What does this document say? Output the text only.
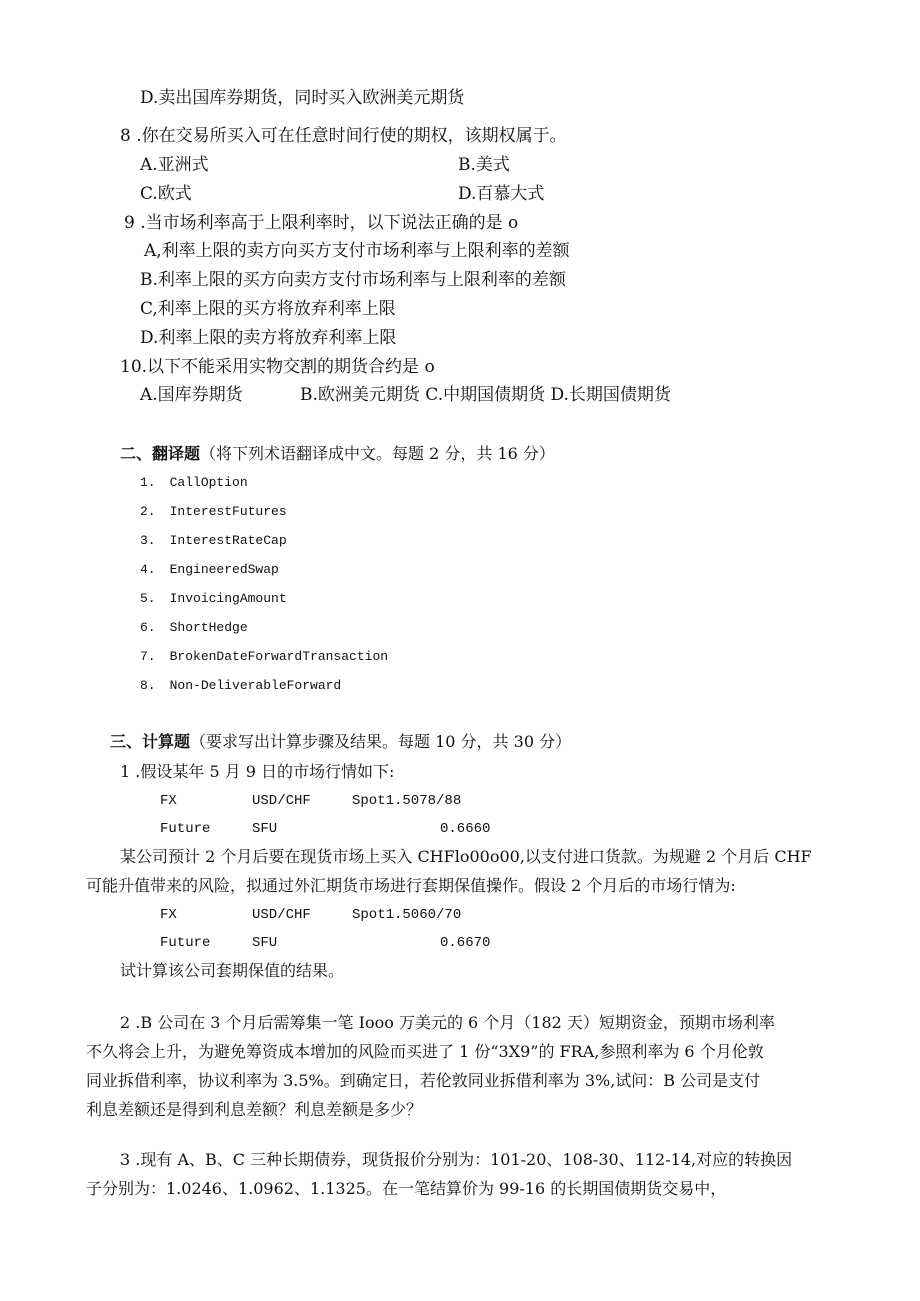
D.卖出国库券期货，同时买入欧洲美元期货
8 .你在交易所买入可在任意时间行使的期权，该期权属于。
A.亚洲式	B.美式
C.欧式	D.百慕大式
9 .当市场利率高于上限利率时，以下说法正确的是 o
A,利率上限的卖方向买方支付市场利率与上限利率的差额
B.利率上限的买方向卖方支付市场利率与上限利率的差额
C,利率上限的买方将放弃利率上限
D.利率上限的卖方将放弃利率上限
10.以下不能采用实物交割的期货合约是 o
A.国库券期货	B.欧洲美元期货 C.中期国债期货 D.长期国债期货
二、翻译题（将下列术语翻译成中文。每题 2 分，共 16 分）
1. CallOption
2. InterestFutures
3. InterestRateCap
4. EngineeredSwap
5. InvoicingAmount
6. ShortHedge
7. BrokenDateForwardTransaction
8. Non-DeliverableForward
三、计算题（要求写出计算步骤及结果。每题 10 分，共 30 分）
1 .假设某年 5 月 9 日的市场行情如下:
FX	USD/CHF	Spot1.5078/88
Future	SFU	0.6660
某公司预计 2 个月后要在现货市场上买入 CHFlo00o00,以支付进口货款。为规避 2 个月后 CHF
可能升值带来的风险，拟通过外汇期货市场进行套期保值操作。假设 2 个月后的市场行情为:
FX	USD/CHF	Spot1.5060/70
Future	SFU	0.6670
试计算该公司套期保值的结果。
2 .B 公司在 3 个月后需筹集一笔 Iooo 万美元的 6 个月（182 天）短期资金，预期市场利率
不久将会上升，为避免筹资成本增加的风险而买进了 1 份“3X9”的 FRA,参照利率为 6 个月伦敦
同业拆借利率，协议利率为 3.5%。到确定日，若伦敦同业拆借利率为 3%,试问：B 公司是支付
利息差额还是得到利息差额？利息差额是多少？
3 .现有 A、B、C 三种长期债券，现货报价分别为：101-20、108-30、112-14,对应的转换因
子分别为：1.0246、1.0962、1.1325。在一笔结算价为 99-16 的长期国债期货交易中，
